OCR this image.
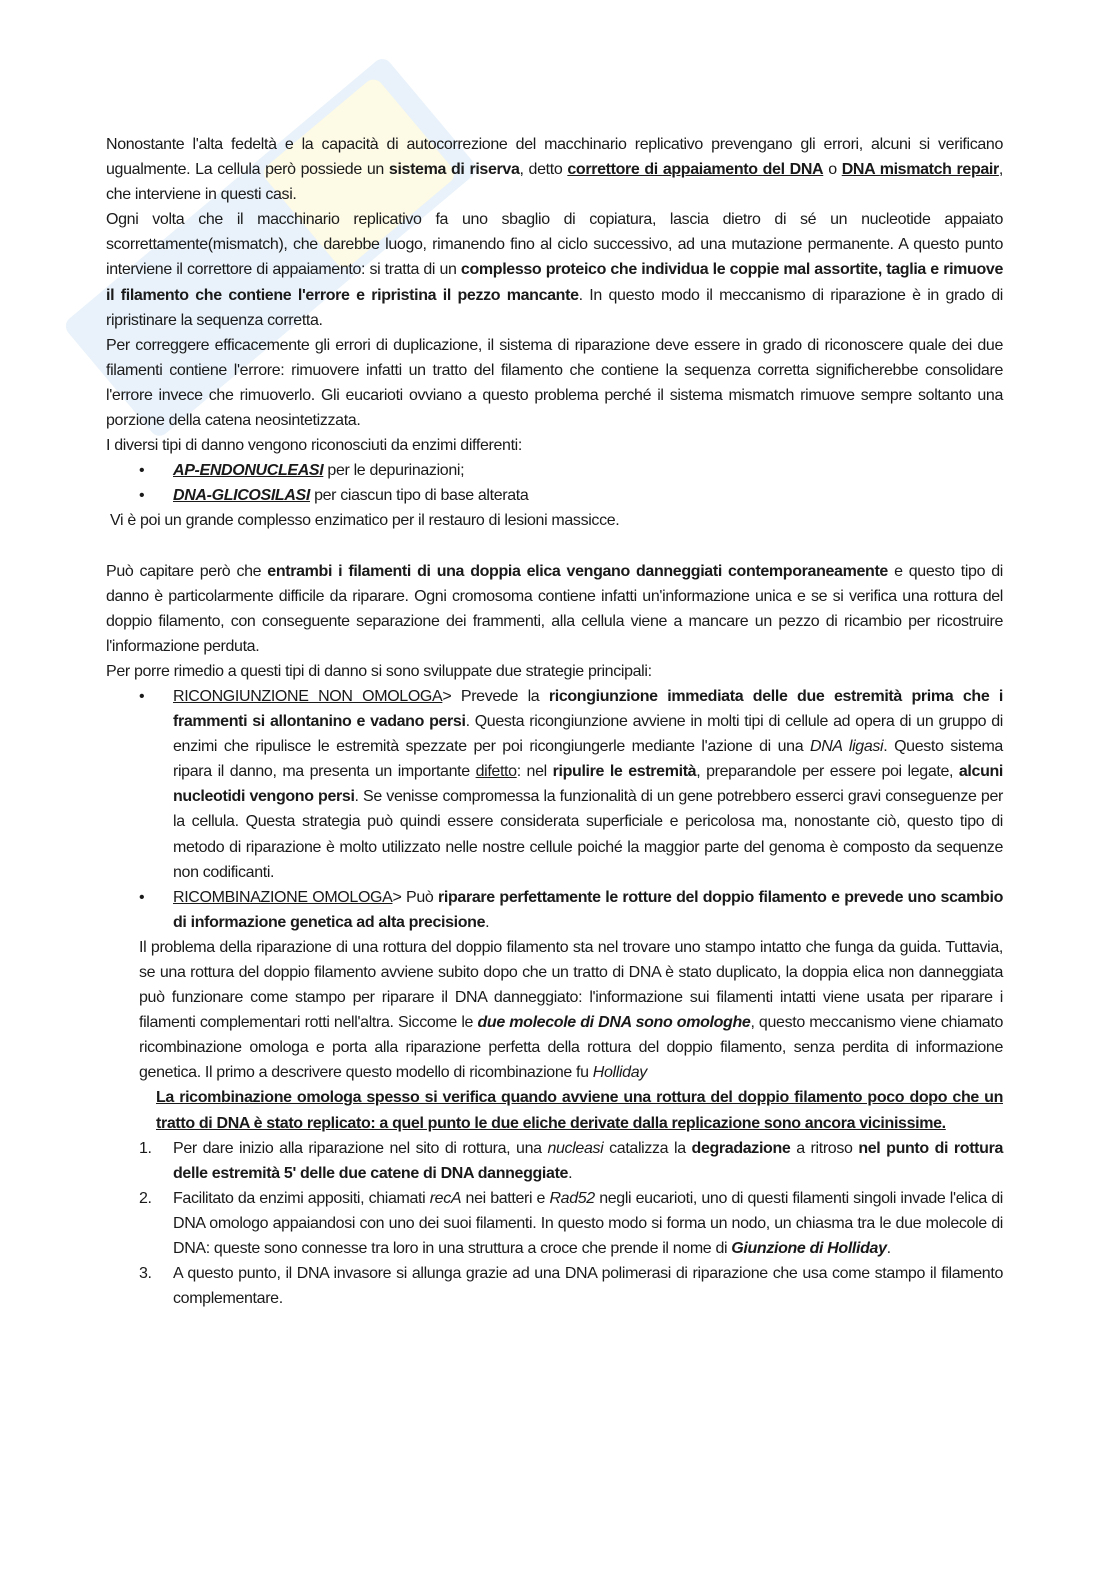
Nonostante l'alta fedeltà e la capacità di autocorrezione del macchinario replicativo prevengano gli errori, alcuni si verificano ugualmente. La cellula però possiede un sistema di riserva, detto correttore di appaiamento del DNA o DNA mismatch repair, che interviene in questi casi.
Ogni volta che il macchinario replicativo fa uno sbaglio di copiatura, lascia dietro di sé un nucleotide appaiato scorrettamente(mismatch), che darebbe luogo, rimanendo fino al ciclo successivo, ad una mutazione permanente. A questo punto interviene il correttore di appaiamento: si tratta di un complesso proteico che individua le coppie mal assortite, taglia e rimuove il filamento che contiene l'errore e ripristina il pezzo mancante. In questo modo il meccanismo di riparazione è in grado di ripristinare la sequenza corretta.
Per correggere efficacemente gli errori di duplicazione, il sistema di riparazione deve essere in grado di riconoscere quale dei due filamenti contiene l'errore: rimuovere infatti un tratto del filamento che contiene la sequenza corretta significherebbe consolidare l'errore invece che rimuoverlo. Gli eucarioti ovviano a questo problema perché il sistema mismatch rimuove sempre soltanto una porzione della catena neosintetizzata.
I diversi tipi di danno vengono riconosciuti da enzimi differenti:
• AP-ENDONUCLEASI per le depurinazioni;
• DNA-GLICOSILASI per ciascun tipo di base alterata
Vi è poi un grande complesso enzimatico per il restauro di lesioni massicce.
Può capitare però che entrambi i filamenti di una doppia elica vengano danneggiati contemporaneamente e questo tipo di danno è particolarmente difficile da riparare. Ogni cromosoma contiene infatti un'informazione unica e se si verifica una rottura del doppio filamento, con conseguente separazione dei frammenti, alla cellula viene a mancare un pezzo di ricambio per ricostruire l'informazione perduta.
Per porre rimedio a questi tipi di danno si sono sviluppate due strategie principali:
• RICONGIUNZIONE NON OMOLOGA> Prevede la ricongiunzione immediata delle due estremità prima che i frammenti si allontanino e vadano persi. Questa ricongiunzione avviene in molti tipi di cellule ad opera di un gruppo di enzimi che ripulisce le estremità spezzate per poi ricongiungerle mediante l'azione di una DNA ligasi. Questo sistema ripara il danno, ma presenta un importante difetto: nel ripulire le estremità, preparandole per essere poi legate, alcuni nucleotidi vengono persi. Se venisse compromessa la funzionalità di un gene potrebbero esserci gravi conseguenze per la cellula. Questa strategia può quindi essere considerata superficiale e pericolosa ma, nonostante ciò, questo tipo di metodo di riparazione è molto utilizzato nelle nostre cellule poiché la maggior parte del genoma è composto da sequenze non codificanti.
• RICOMBINAZIONE OMOLOGA> Può riparare perfettamente le rotture del doppio filamento e prevede uno scambio di informazione genetica ad alta precisione.
Il problema della riparazione di una rottura del doppio filamento sta nel trovare uno stampo intatto che funga da guida. Tuttavia, se una rottura del doppio filamento avviene subito dopo che un tratto di DNA è stato duplicato, la doppia elica non danneggiata può funzionare come stampo per riparare il DNA danneggiato: l'informazione sui filamenti intatti viene usata per riparare i filamenti complementari rotti nell'altra. Siccome le due molecole di DNA sono omologhe, questo meccanismo viene chiamato ricombinazione omologa e porta alla riparazione perfetta della rottura del doppio filamento, senza perdita di informazione genetica. Il primo a descrivere questo modello di ricombinazione fu Holliday
La ricombinazione omologa spesso si verifica quando avviene una rottura del doppio filamento poco dopo che un tratto di DNA è stato replicato: a quel punto le due eliche derivate dalla replicazione sono ancora vicinissime.
1. Per dare inizio alla riparazione nel sito di rottura, una nucleasi catalizza la degradazione a ritroso nel punto di rottura delle estremità 5' delle due catene di DNA danneggiate.
2. Facilitato da enzimi appositi, chiamati recA nei batteri e Rad52 negli eucarioti, uno di questi filamenti singoli invade l'elica di DNA omologo appaiandosi con uno dei suoi filamenti. In questo modo si forma un nodo, un chiasma tra le due molecole di DNA: queste sono connesse tra loro in una struttura a croce che prende il nome di Giunzione di Holliday.
3. A questo punto, il DNA invasore si allunga grazie ad una DNA polimerasi di riparazione che usa come stampo il filamento complementare.
